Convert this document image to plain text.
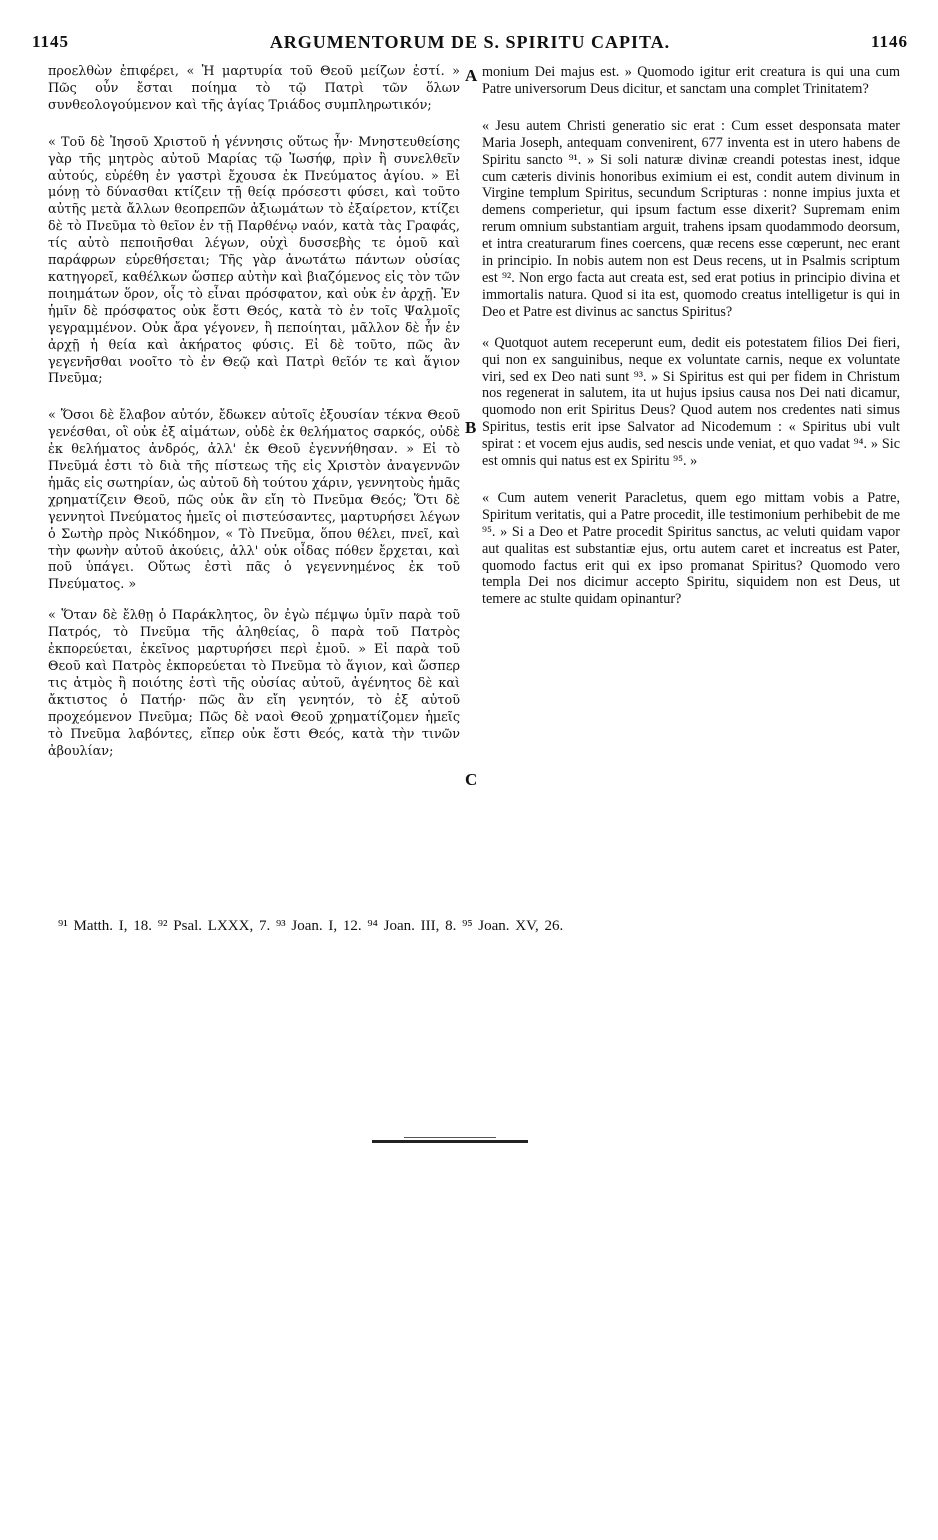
1145	ARGUMENTORUM DE S. SPIRITU CAPITA.	1146

προελθὼν ἐπιφέρει, « Ἡ μαρτυρία τοῦ Θεοῦ μείζων ἐστί. » Πῶς οὖν ἔσται ποίημα τὸ τῷ Πατρὶ τῶν ὅλων συνθεολογούμενον καὶ τῆς ἁγίας Τριάδος συμπληρωτικόν;

« Τοῦ δὲ Ἰησοῦ Χριστοῦ ἡ γέννησις οὕτως ἦν· Μνηστευθείσης γὰρ τῆς μητρὸς αὐτοῦ Μαρίας τῷ Ἰωσήφ, πρὶν ἢ συνελθεῖν αὐτούς, εὑρέθη ἐν γαστρὶ ἔχουσα ἐκ Πνεύματος ἁγίου. » Εἰ μόνῃ τὸ δύνασθαι κτίζειν τῇ θείᾳ πρόσεστι φύσει, καὶ τοῦτο αὐτῆς μετὰ ἄλλων θεοπρεπῶν ἀξιωμάτων τὸ ἐξαίρετον, κτίζει δὲ τὸ Πνεῦμα τὸ θεῖον ἐν τῇ Παρθένῳ ναόν, κατὰ τὰς Γραφάς, τίς αὐτὸ πεποιῆσθαι λέγων, οὐχὶ δυσσεβὴς τε ὁμοῦ καὶ παράφρων εὑρεθήσεται; Τῆς γὰρ ἀνωτάτω πάντων οὐσίας κατηγορεῖ, καθέλκων ὥσπερ αὐτὴν καὶ βιαζόμενος εἰς τὸν τῶν ποιημάτων ὅρον, οἷς τὸ εἶναι πρόσφατον, καὶ οὐκ ἐν ἀρχῇ. Ἐν ἡμῖν δὲ πρόσφατος οὐκ ἔστι Θεός, κατὰ τὸ ἐν τοῖς Ψαλμοῖς γεγραμμένον. Οὐκ ἄρα γέγονεν, ἢ πεποίηται, μᾶλλον δὲ ἦν ἐν ἀρχῇ ἡ θεία καὶ ἀκήρατος φύσις. Εἰ δὲ τοῦτο, πῶς ἂν γεγενῆσθαι νοοῖτο τὸ ἐν Θεῷ καὶ Πατρὶ θεῖόν τε καὶ ἅγιον Πνεῦμα;

« Ὅσοι δὲ ἔλαβον αὐτόν, ἔδωκεν αὐτοῖς ἐξουσίαν τέκνα Θεοῦ γενέσθαι, οἳ οὐκ ἐξ αἱμάτων, οὐδὲ ἐκ θελήματος σαρκός, οὐδὲ ἐκ θελήματος ἀνδρός, ἀλλ' ἐκ Θεοῦ ἐγεννήθησαν. » Εἰ τὸ Πνεῦμά ἐστι τὸ διὰ τῆς πίστεως τῆς εἰς Χριστὸν ἀναγεννῶν ἡμᾶς εἰς σωτηρίαν, ὡς αὐτοῦ δὴ τούτου χάριν, γεννητοὺς ἡμᾶς χρηματίζειν Θεοῦ, πῶς οὐκ ἂν εἴη τὸ Πνεῦμα Θεός; Ὅτι δὲ γεννητοὶ Πνεύματος ἡμεῖς οἱ πιστεύσαντες, μαρτυρήσει λέγων ὁ Σωτὴρ πρὸς Νικόδημον, « Τὸ Πνεῦμα, ὅπου θέλει, πνεῖ, καὶ τὴν φωνὴν αὐτοῦ ἀκούεις, ἀλλ' οὐκ οἶδας πόθεν ἔρχεται, καὶ ποῦ ὑπάγει. Οὕτως ἐστὶ πᾶς ὁ γεγεννημένος ἐκ τοῦ Πνεύματος. »

« Ὅταν δὲ ἔλθῃ ὁ Παράκλητος, ὃν ἐγὼ πέμψω ὑμῖν παρὰ τοῦ Πατρός, τὸ Πνεῦμα τῆς ἀληθείας, ὃ παρὰ τοῦ Πατρὸς ἐκπορεύεται, ἐκεῖνος μαρτυρήσει περὶ ἐμοῦ. » Εἰ παρὰ τοῦ Θεοῦ καὶ Πατρὸς ἐκπορεύεται τὸ Πνεῦμα τὸ ἅγιον, καὶ ὥσπερ τις ἀτμὸς ἢ ποιότης ἐστὶ τῆς οὐσίας αὐτοῦ, ἀγένητος δὲ καὶ ἄκτιστος ὁ Πατήρ· πῶς ἂν εἴη γενητόν, τὸ ἐξ αὐτοῦ προχεόμενον Πνεῦμα; Πῶς δὲ ναοὶ Θεοῦ χρηματίζομεν ἡμεῖς τὸ Πνεῦμα λαβόντες, εἴπερ οὐκ ἔστι Θεός, κατὰ τὴν τινῶν ἀβουλίαν;

monium Dei majus est. » Quomodo igitur erit creatura is qui una cum Patre universorum Deus dicitur, et sanctam una complet Trinitatem?

« Jesu autem Christi generatio sic erat : Cum esset desponsata mater Maria Joseph, antequam convenirent, 677 inventa est in utero habens de Spiritu sancto ⁹¹. » Si soli naturæ divinæ creandi potestas inest, idque cum cæteris divinis honoribus eximium ei est, condit autem divinum in Virgine templum Spiritus, secundum Scripturas : nonne impius juxta et demens comperietur, qui ipsum factum esse dixerit? Supremam enim rerum omnium substantiam arguit, trahens ipsam quodammodo deorsum, et intra creaturarum fines coercens, quæ recens esse cœperunt, nec erant in principio. In nobis autem non est Deus recens, ut in Psalmis scriptum est ⁹². Non ergo facta aut creata est, sed erat potius in principio divina et immortalis natura. Quod si ita est, quomodo creatus intelligetur is qui in Deo et Patre est divinus ac sanctus Spiritus?

« Quotquot autem receperunt eum, dedit eis potestatem filios Dei fieri, qui non ex sanguinibus, neque ex voluntate carnis, neque ex voluntate viri, sed ex Deo nati sunt ⁹³. » Si Spiritus est qui per fidem in Christum nos regenerat in salutem, ita ut hujus ipsius causa nos Dei nati dicamur, quomodo non erit Spiritus Deus? Quod autem nos credentes nati simus Spiritus, testis erit ipse Salvator ad Nicodemum : « Spiritus ubi vult spirat : et vocem ejus audis, sed nescis unde veniat, et quo vadat ⁹⁴. » Sic est omnis qui natus est ex Spiritu ⁹⁵. »

« Cum autem venerit Paracletus, quem ego mittam vobis a Patre, Spiritum veritatis, qui a Patre procedit, ille testimonium perhibebit de me ⁹⁵. » Si a Deo et Patre procedit Spiritus sanctus, ac veluti quidam vapor aut qualitas est substantiæ ejus, ortu autem caret et increatus est Pater, quomodo factus erit qui ex ipso promanat Spiritus? Quomodo vero templa Dei nos dicimur accepto Spiritu, siquidem non est Deus, ut temere ac stulte quidam opinantur?

A
B
C
⁹¹ Matth. I, 18. ⁹² Psal. LXXX, 7. ⁹³ Joan. I, 12. ⁹⁴ Joan. III, 8. ⁹⁵ Joan. XV, 26.
